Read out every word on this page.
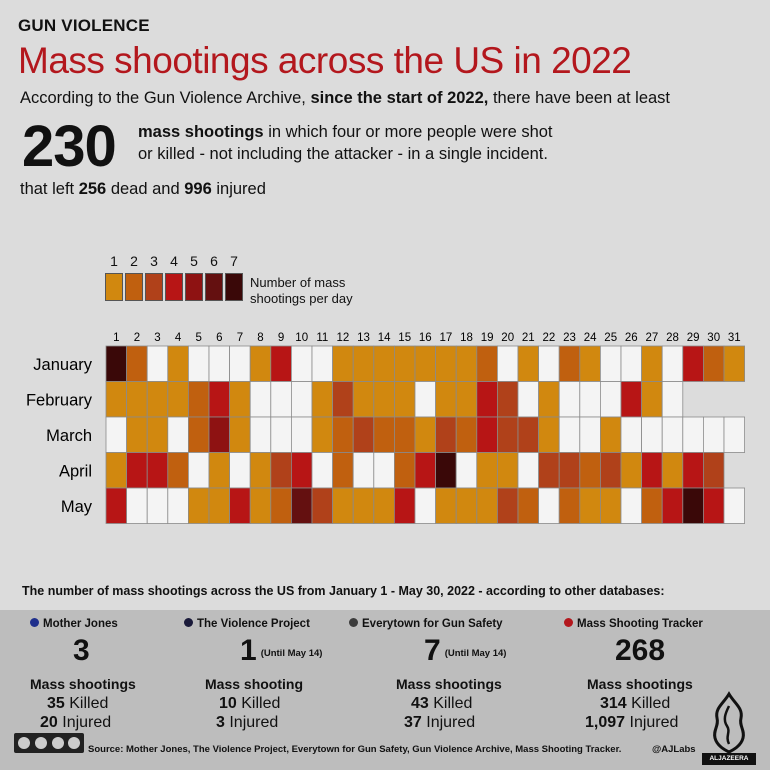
GUN VIOLENCE
Mass shootings across the US in 2022
According to the Gun Violence Archive, since the start of 2022, there have been at least
230 mass shootings in which four or more people were shot
or killed - not including the attacker - in a single incident.
that left 256 dead and 996 injured
1 2 3 4 5 6 7
Number of mass
shootings per day
1 2 3 4 5 6 7 8 9 10 11 12 13 14 15 16 17 18 19 20 21 22 23 24 25 26 27 28 29 30 31
January
February
March
April
May
The number of mass shootings across the US from January 1 - May 30, 2022 - according to other databases:
Mother Jones
3
Mass shootings
35 Killed
20 Injured
The Violence Project
1 (Until May 14)
Mass shooting
10 Killed
3 Injured
Everytown for Gun Safety
7 (Until May 14)
Mass shootings
43 Killed
37 Injured
Mass Shooting Tracker
268
Mass shootings
314 Killed
1,097 Injured
Source: Mother Jones, The Violence Project, Everytown for Gun Safety, Gun Violence Archive, Mass Shooting Tracker.	@AJLabs
ALJAZEERA
